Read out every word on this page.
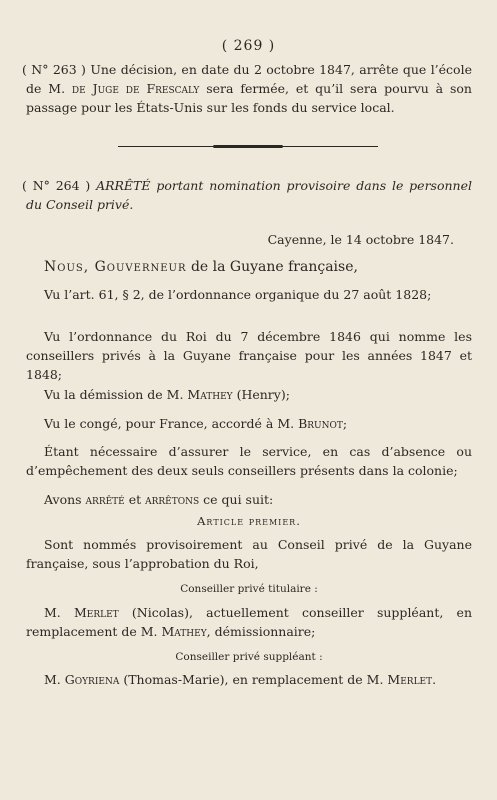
( 269 )

( N° 263 ) Une décision, en date du 2 octobre 1847, arrête que l’école de M. de Juge de Frescaly sera fermée, et qu’il sera pourvu à son passage pour les États-Unis sur les fonds du service local.

( N° 264 ) ARRÊTÉ portant nomination provisoire dans le personnel du Conseil privé.

Cayenne, le 14 octobre 1847.

Nous, Gouverneur de la Guyane française,

Vu l’art. 61, § 2, de l’ordonnance organique du 27 août 1828;

Vu l’ordonnance du Roi du 7 décembre 1846 qui nomme les conseillers privés à la Guyane française pour les années 1847 et 1848;

Vu la démission de M. Mathey (Henry);

Vu le congé, pour France, accordé à M. Brunot;

Étant nécessaire d’assurer le service, en cas d’absence ou d’empêchement des deux seuls conseillers présents dans la colonie;

Avons arrêté et arrêtons ce qui suit:

Article premier.

Sont nommés provisoirement au Conseil privé de la Guyane française, sous l’approbation du Roi,

Conseiller privé titulaire :

M. Merlet (Nicolas), actuellement conseiller suppléant, en remplacement de M. Mathey, démissionnaire;

Conseiller privé suppléant :

M. Goyriena (Thomas-Marie), en remplacement de M. Merlet.
